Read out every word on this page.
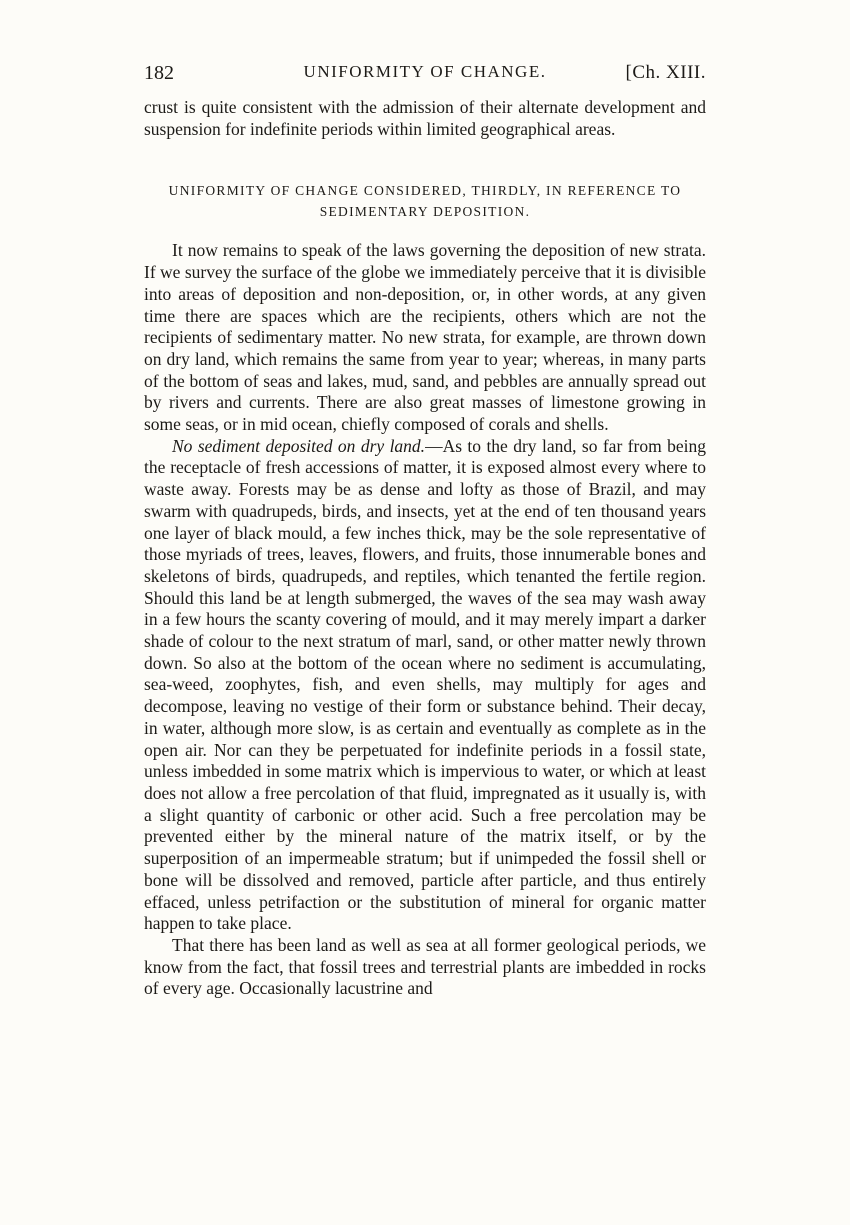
182	UNIFORMITY OF CHANGE.	[Ch. XIII.

crust is quite consistent with the admission of their alternate development and suspension for indefinite periods within limited geographical areas.

UNIFORMITY OF CHANGE CONSIDERED, THIRDLY, IN REFERENCE TO
SEDIMENTARY DEPOSITION.

It now remains to speak of the laws governing the deposition of new strata. If we survey the surface of the globe we immediately perceive that it is divisible into areas of deposition and non-deposition, or, in other words, at any given time there are spaces which are the recipients, others which are not the recipients of sedimentary matter. No new strata, for example, are thrown down on dry land, which remains the same from year to year; whereas, in many parts of the bottom of seas and lakes, mud, sand, and pebbles are annually spread out by rivers and currents. There are also great masses of limestone growing in some seas, or in mid ocean, chiefly composed of corals and shells.

No sediment deposited on dry land.—As to the dry land, so far from being the receptacle of fresh accessions of matter, it is exposed almost every where to waste away. Forests may be as dense and lofty as those of Brazil, and may swarm with quadrupeds, birds, and insects, yet at the end of ten thousand years one layer of black mould, a few inches thick, may be the sole representative of those myriads of trees, leaves, flowers, and fruits, those innumerable bones and skeletons of birds, quadrupeds, and reptiles, which tenanted the fertile region. Should this land be at length submerged, the waves of the sea may wash away in a few hours the scanty covering of mould, and it may merely impart a darker shade of colour to the next stratum of marl, sand, or other matter newly thrown down. So also at the bottom of the ocean where no sediment is accumulating, sea-weed, zoophytes, fish, and even shells, may multiply for ages and decompose, leaving no vestige of their form or substance behind. Their decay, in water, although more slow, is as certain and eventually as complete as in the open air. Nor can they be perpetuated for indefinite periods in a fossil state, unless imbedded in some matrix which is impervious to water, or which at least does not allow a free percolation of that fluid, impregnated as it usually is, with a slight quantity of carbonic or other acid. Such a free percolation may be prevented either by the mineral nature of the matrix itself, or by the superposition of an impermeable stratum; but if unimpeded the fossil shell or bone will be dissolved and removed, particle after particle, and thus entirely effaced, unless petrifaction or the substitution of mineral for organic matter happen to take place.

That there has been land as well as sea at all former geological periods, we know from the fact, that fossil trees and terrestrial plants are imbedded in rocks of every age. Occasionally lacustrine and
